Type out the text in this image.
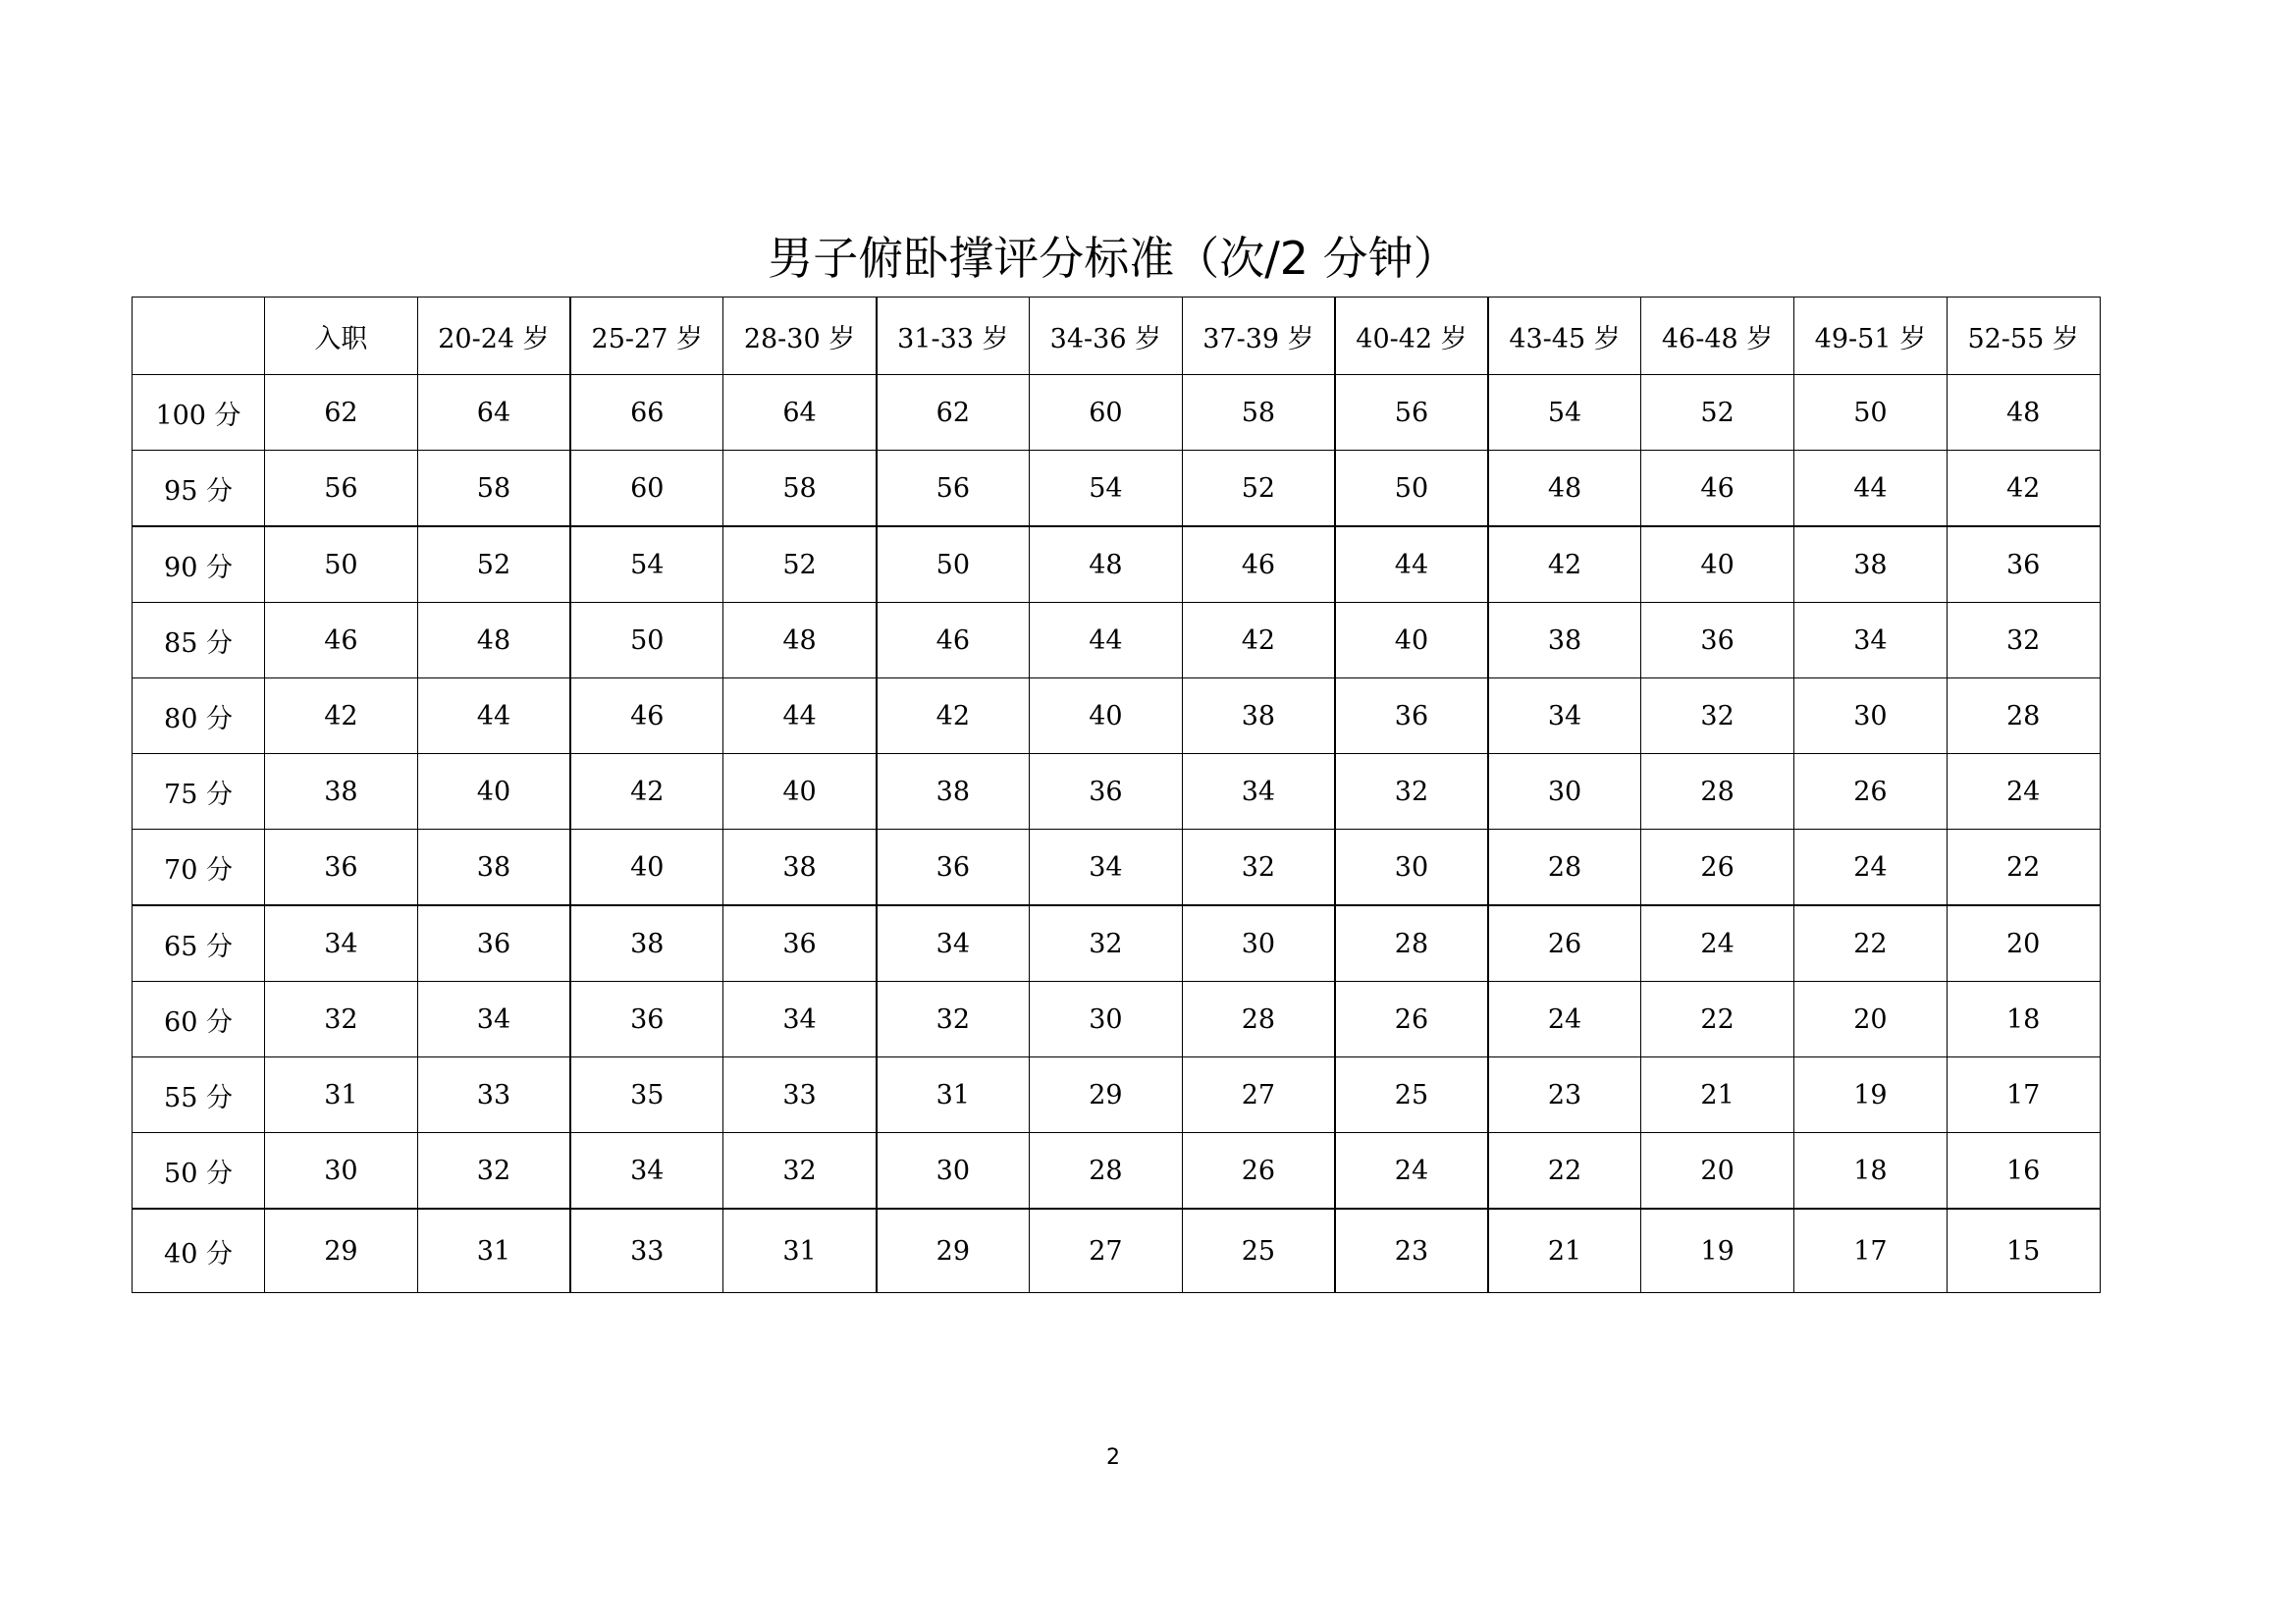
男子俯卧撑评分标准（次/2 分钟）
	入职	20-24 岁	25-27 岁	28-30 岁	31-33 岁	34-36 岁	37-39 岁	40-42 岁	43-45 岁	46-48 岁	49-51 岁	52-55 岁
100 分	62	64	66	64	62	60	58	56	54	52	50	48
95 分	56	58	60	58	56	54	52	50	48	46	44	42
90 分	50	52	54	52	50	48	46	44	42	40	38	36
85 分	46	48	50	48	46	44	42	40	38	36	34	32
80 分	42	44	46	44	42	40	38	36	34	32	30	28
75 分	38	40	42	40	38	36	34	32	30	28	26	24
70 分	36	38	40	38	36	34	32	30	28	26	24	22
65 分	34	36	38	36	34	32	30	28	26	24	22	20
60 分	32	34	36	34	32	30	28	26	24	22	20	18
55 分	31	33	35	33	31	29	27	25	23	21	19	17
50 分	30	32	34	32	30	28	26	24	22	20	18	16
40 分	29	31	33	31	29	27	25	23	21	19	17	15
2
